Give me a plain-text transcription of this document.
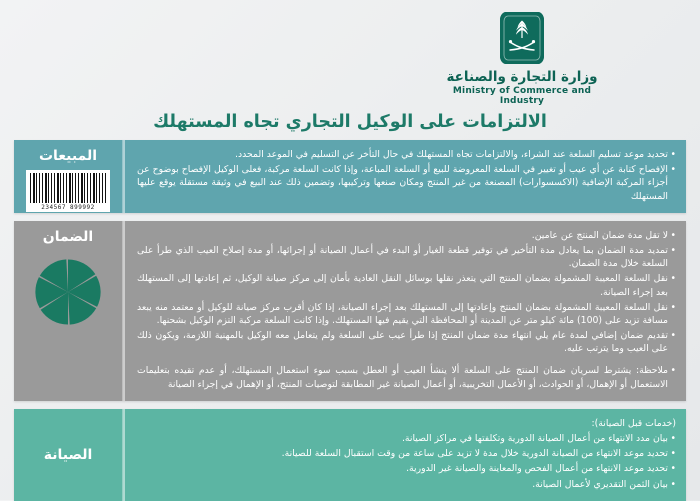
وزارة التجارة والصناعة
Ministry of Commerce and Industry
الالتزامات على الوكيل التجاري تجاه المستهلك

• تحديد موعد تسليم السلعة عند الشراء، والالتزامات تجاه المستهلك في حال التأخر عن التسليم في الموعد المحدد.

• الإفصاح كتابة عن أي عيب أو تغيير في السلعة المعروضة للبيع أو السلعة المباعة، وإذا كانت السلعة مركبة، فعلى الوكيل الإفصاح بوضوح عن أجزاء المركبة الإضافية (الاكسسوارات) المصنعة من غير المنتج ومكان صنعها وتركيبها، وتضمين ذلك عند البيع في وثيقة مستقلة يوقع عليها المستهلك

المبيعات
234567 899992

• لا تقل مدة ضمان المنتج عن عامين.

• تمديد مدة الضمان بما يعادل مدة التأخير في توفير قطعة الغيار أو البدء في أعمال الصيانة أو إجرائها، أو مدة إصلاح العيب الذي طرأ على السلعة خلال مدة الضمان.

• نقل السلعة المعيبة المشمولة بضمان المنتج التي يتعذر نقلها بوسائل النقل العادية بأمان إلى مركز صيانة الوكيل، ثم إعادتها إلى المستهلك بعد إجراء الصيانة.

• نقل السلعة المعيبة المشمولة بضمان المنتج وإعادتها إلى المستهلك بعد إجراء الصيانة، إذا كان أقرب مركز صيانة للوكيل أو معتمد منه يبعد مسافة تزيد على (100) مائة كيلو متر عن المدينة أو المحافظة التي يقيم فيها المستهلك. وإذا كانت السلعة مركبة التزم الوكيل بشحنها.

• تقديم ضمان إضافي لمدة عام يلي انتهاء مدة ضمان المنتج إذا طرأ عيب على السلعة ولم يتعامل معه الوكيل بالمهنية اللازمة، ويكون ذلك على العيب وما يترتب عليه.

• ملاحظة: يشترط لسريان ضمان المنتج على السلعة ألا ينشأ العيب أو العطل بسبب سوء استعمال المستهلك، أو عدم تقيده بتعليمات الاستعمال أو الإهمال، أو الحوادث، أو الأعمال التخريبية، أو أعمال الصيانة غير المطابقة لتوصيات المنتج، أو الإهمال في إجراء الصيانة

الضمان

(خدمات قبل الصيانة):

• بيان مدد الانتهاء من أعمال الصيانة الدورية وتكلفتها في مراكز الصيانة.

• تحديد موعد الانتهاء من الصيانة الدورية خلال مدة لا تزيد على ساعة من وقت استقبال السلعة للصيانة.

• تحديد موعد الانتهاء من أعمال الفحص والمعاينة والصيانة غير الدورية.

• بيان الثمن التقديري لأعمال الصيانة.

الصيانة
